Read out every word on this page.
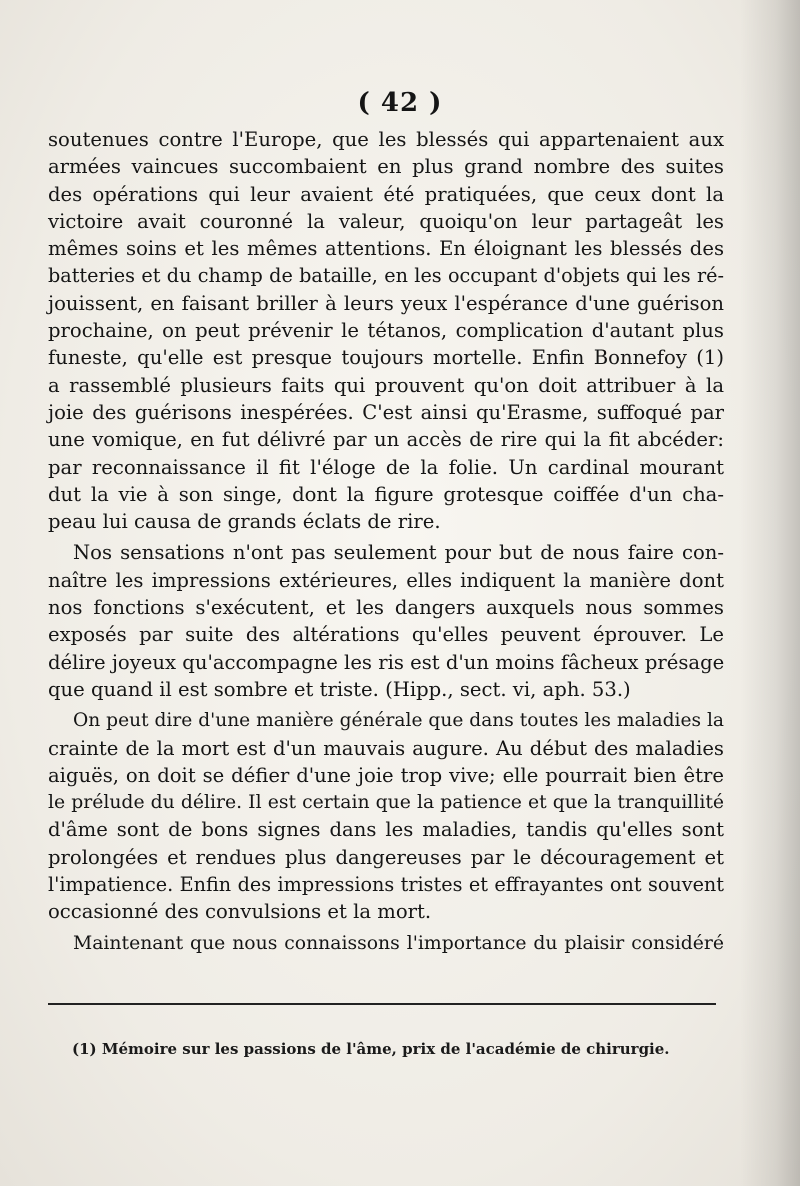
( 42 )

soutenues contre l'Europe, que les blessés qui appartenaient aux
armées vaincues succombaient en plus grand nombre des suites
des opérations qui leur avaient été pratiquées, que ceux dont la
victoire avait couronné la valeur, quoiqu'on leur partageât les
mêmes soins et les mêmes attentions. En éloignant les blessés des
batteries et du champ de bataille, en les occupant d'objets qui les ré-
jouissent, en faisant briller à leurs yeux l'espérance d'une guérison
prochaine, on peut prévenir le tétanos, complication d'autant plus
funeste, qu'elle est presque toujours mortelle. Enfin Bonnefoy (1)
a rassemblé plusieurs faits qui prouvent qu'on doit attribuer à la
joie des guérisons inespérées. C'est ainsi qu'Erasme, suffoqué par
une vomique, en fut délivré par un accès de rire qui la fit abcéder:
par reconnaissance il fit l'éloge de la folie. Un cardinal mourant
dut la vie à son singe, dont la figure grotesque coiffée d'un cha-
peau lui causa de grands éclats de rire.

Nos sensations n'ont pas seulement pour but de nous faire con-
naître les impressions extérieures, elles indiquent la manière dont
nos fonctions s'exécutent, et les dangers auxquels nous sommes
exposés par suite des altérations qu'elles peuvent éprouver. Le
délire joyeux qu'accompagne les ris est d'un moins fâcheux présage
que quand il est sombre et triste. (Hipp., sect. vi, aph. 53.)

On peut dire d'une manière générale que dans toutes les maladies la
crainte de la mort est d'un mauvais augure. Au début des maladies
aiguës, on doit se défier d'une joie trop vive; elle pourrait bien être
le prélude du délire. Il est certain que la patience et que la tranquillité
d'âme sont de bons signes dans les maladies, tandis qu'elles sont
prolongées et rendues plus dangereuses par le découragement et
l'impatience. Enfin des impressions tristes et effrayantes ont souvent
occasionné des convulsions et la mort.

Maintenant que nous connaissons l'importance du plaisir considéré

(1) Mémoire sur les passions de l'âme, prix de l'académie de chirurgie.
